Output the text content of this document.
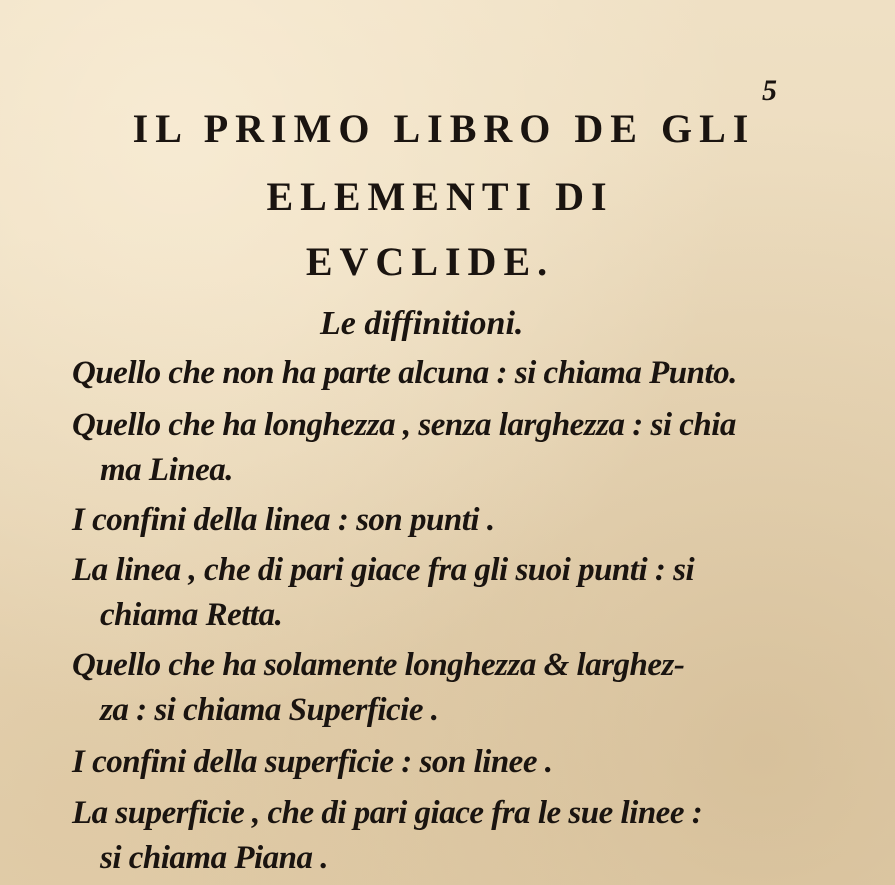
5
IL PRIMO LIBRO DE GLI
ELEMENTI DI
EVCLIDE.
Le diffinitioni.
Quello che non ha parte alcuna : si chiama Punto.
Quello che ha longhezza , senza larghezza : si chia
ma Linea.
I confini della linea : son punti .
La linea , che di pari giace fra gli suoi punti : si
chiama Retta.
Quello che ha solamente longhezza & larghez-
za : si chiama Superficie .
I confini della superficie : son linee .
La superficie , che di pari giace fra le sue linee :
si chiama Piana .
